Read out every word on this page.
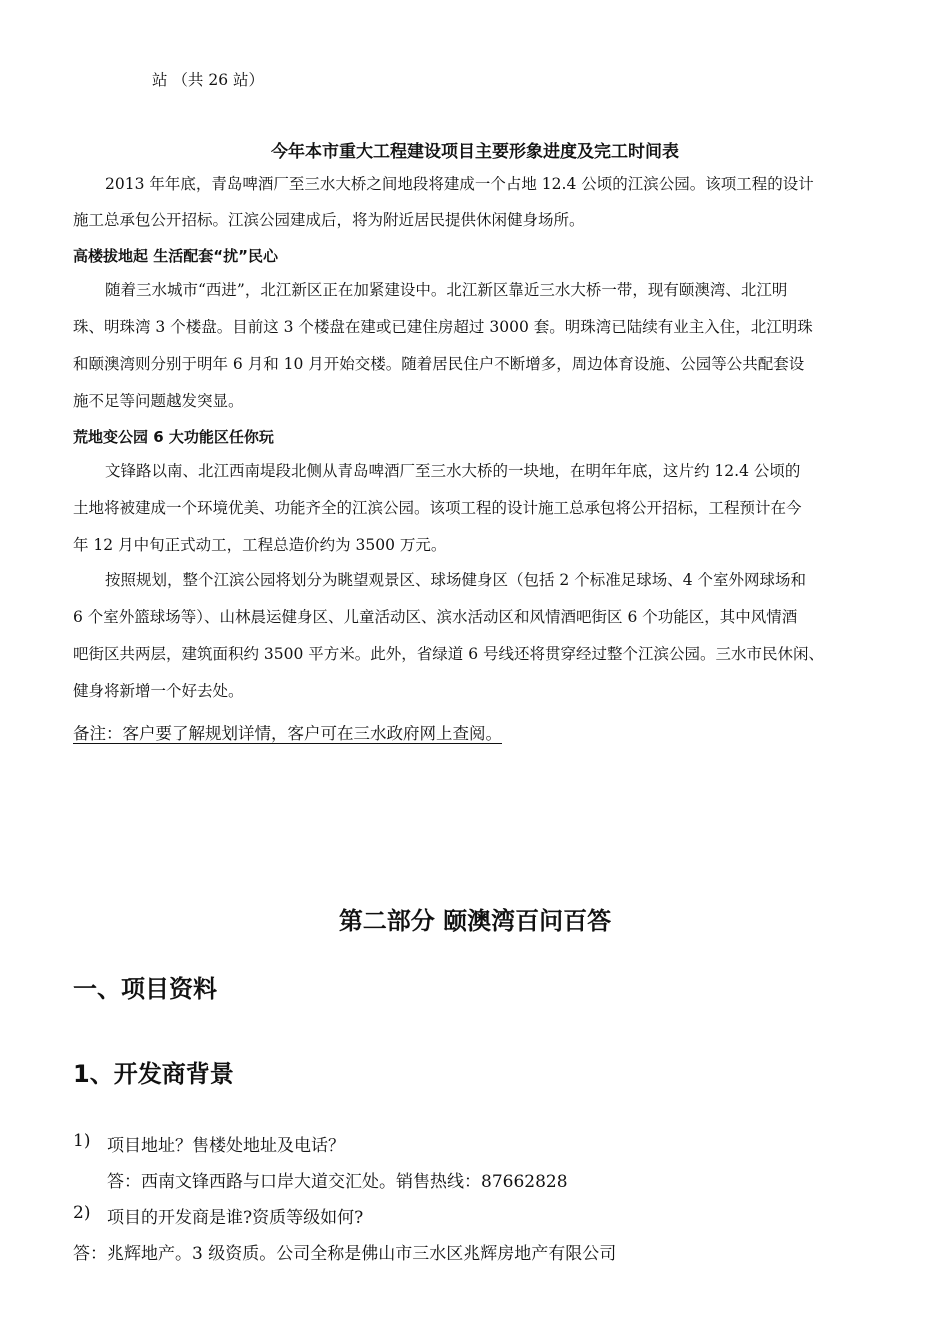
站 （共 26 站）
今年本市重大工程建设项目主要形象进度及完工时间表
2013 年年底，青岛啤酒厂至三水大桥之间地段将建成一个占地 12.4 公顷的江滨公园。该项工程的设计
施工总承包公开招标。江滨公园建成后，将为附近居民提供休闲健身场所。
高楼拔地起 生活配套“扰”民心
随着三水城市“西进”，北江新区正在加紧建设中。北江新区靠近三水大桥一带，现有颐澳湾、北江明
珠、明珠湾 3 个楼盘。目前这 3 个楼盘在建或已建住房超过 3000 套。明珠湾已陆续有业主入住，北江明珠
和颐澳湾则分别于明年 6 月和 10 月开始交楼。随着居民住户不断增多，周边体育设施、公园等公共配套设
施不足等问题越发突显。
荒地变公园 6 大功能区任你玩
文锋路以南、北江西南堤段北侧从青岛啤酒厂至三水大桥的一块地，在明年年底，这片约 12.4 公顷的
土地将被建成一个环境优美、功能齐全的江滨公园。该项工程的设计施工总承包将公开招标，工程预计在今
年 12 月中旬正式动工，工程总造价约为 3500 万元。
按照规划，整个江滨公园将划分为眺望观景区、球场健身区（包括 2 个标准足球场、4 个室外网球场和
6 个室外篮球场等）、山林晨运健身区、儿童活动区、滨水活动区和风情酒吧街区 6 个功能区，其中风情酒
吧街区共两层，建筑面积约 3500 平方米。此外，省绿道 6 号线还将贯穿经过整个江滨公园。三水市民休闲、
健身将新增一个好去处。
备注：客户要了解规划详情，客户可在三水政府网上查阅。
第二部分 颐澳湾百问百答
一、项目资料
1、开发商背景
1) 项目地址？售楼处地址及电话？
答：西南文锋西路与口岸大道交汇处。销售热线：87662828
2) 项目的开发商是谁?资质等级如何?
答：兆辉地产。3 级资质。公司全称是佛山市三水区兆辉房地产有限公司
